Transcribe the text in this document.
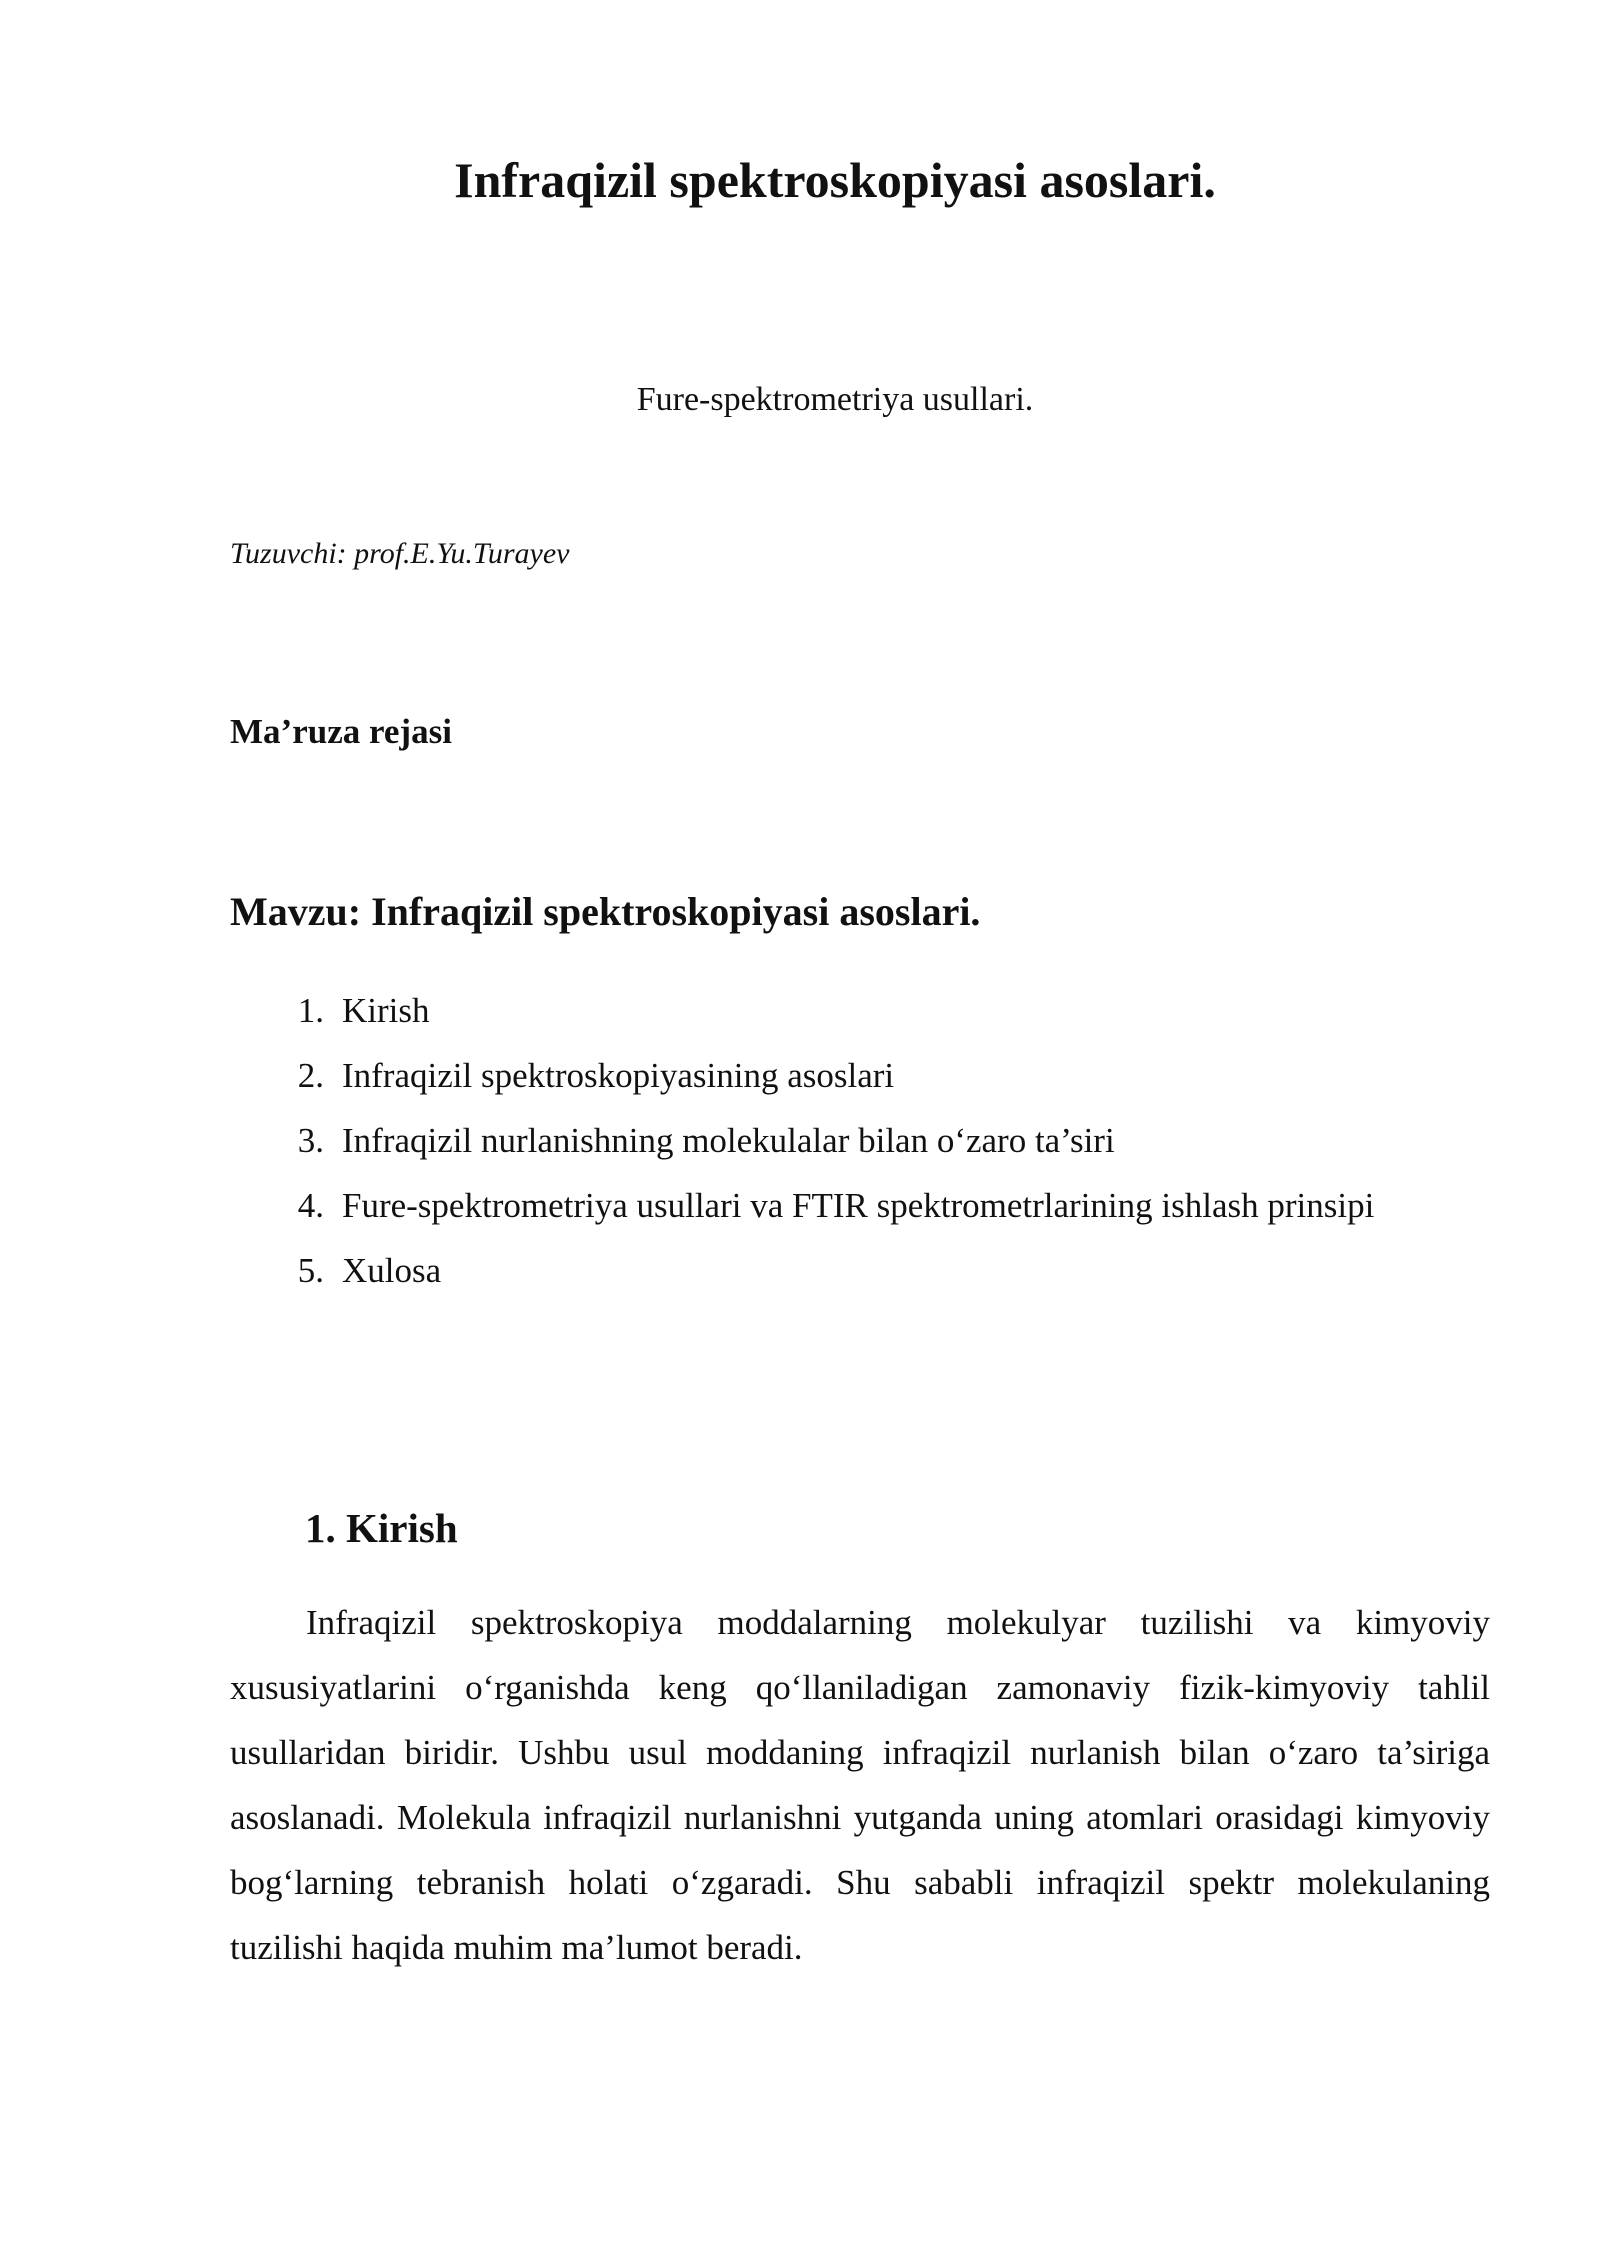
Infraqizil spektroskopiyasi asoslari.

Fure-spektrometriya usullari.

Tuzuvchi: prof.E.Yu.Turayev

Ma’ruza rejasi
Mavzu: Infraqizil spektroskopiyasi asoslari.
1. Kirish
2. Infraqizil spektroskopiyasining asoslari
3. Infraqizil nurlanishning molekulalar bilan o‘zaro ta’siri
4. Fure-spektrometriya usullari va FTIR spektrometrlarining ishlash prinsipi
5. Xulosa
1. Kirish

Infraqizil spektroskopiya moddalarning molekulyar tuzilishi va kimyoviy xususiyatlarini o‘rganishda keng qo‘llaniladigan zamonaviy fizik-kimyoviy tahlil usullaridan biridir. Ushbu usul moddaning infraqizil nurlanish bilan o‘zaro ta’siriga asoslanadi. Molekula infraqizil nurlanishni yutganda uning atomlari orasidagi kimyoviy bog‘larning tebranish holati o‘zgaradi. Shu sababli infraqizil spektr molekulaning tuzilishi haqida muhim ma’lumot beradi.
